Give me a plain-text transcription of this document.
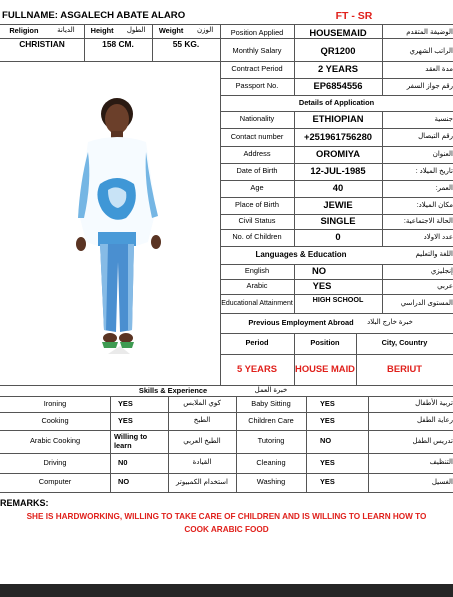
FULLNAME: ASGALECH ABATE ALARO	FT - SR
Religion	الديانة Height الطول Weight الوزن
CHRISTIAN	158 CM.	55 KG.
Position Applied	HOUSEMAID	الوضيفة المتقدم
Monthly Salary	QR1200	الراتب الشهري
Contract Period	2 YEARS	مدة العقد
Passport No.	EP6854556	رقم جواز السفر
Details of Application
Nationality	ETHIOPIAN	جنسية
Contact number	+251961756280	رقم التيصال
Address	OROMIYA	العنوان
Date of Birth	12-JUL-1985	تاريخ الميلاد :
Age	40	العمر:
Place of Birth	JEWIE	مكان الميلاد:
Civil Status	SINGLE	الحالة الاجتماعية:
No. of Children	0	عدد الاولاد
Languages & Education	اللغة والتعليم
English	NO	إنجليزي
Arabic	YES	عربي
Educational Attainment	HIGH SCHOOL	المستوى الدراسي
Previous Employment Abroad	خبرة خارج البلاد
Period	Position	City, Country
5 YEARS	HOUSE MAID	BERIUT
Skills & Experience	خبرة العمل
Ironing	YES	كوي الملابس	Baby Sitting	YES	تربية الأطفال
Cooking	YES	الطبخ	Children Care	YES	رعاية الطفل
Arabic Cooking	Willing to learn	الطبخ العربي	Tutoring	NO	تدريس الطفل
Driving	N0	القيادة	Cleaning	YES	التنظيف
Computer	NO	استخدام الكمبيوتر	Washing	YES	الغسيل
REMARKS:
SHE IS HARDWORKING, WILLING TO TAKE CARE OF CHILDREN AND IS WILLING TO LEARN HOW TO
COOK ARABIC FOOD
